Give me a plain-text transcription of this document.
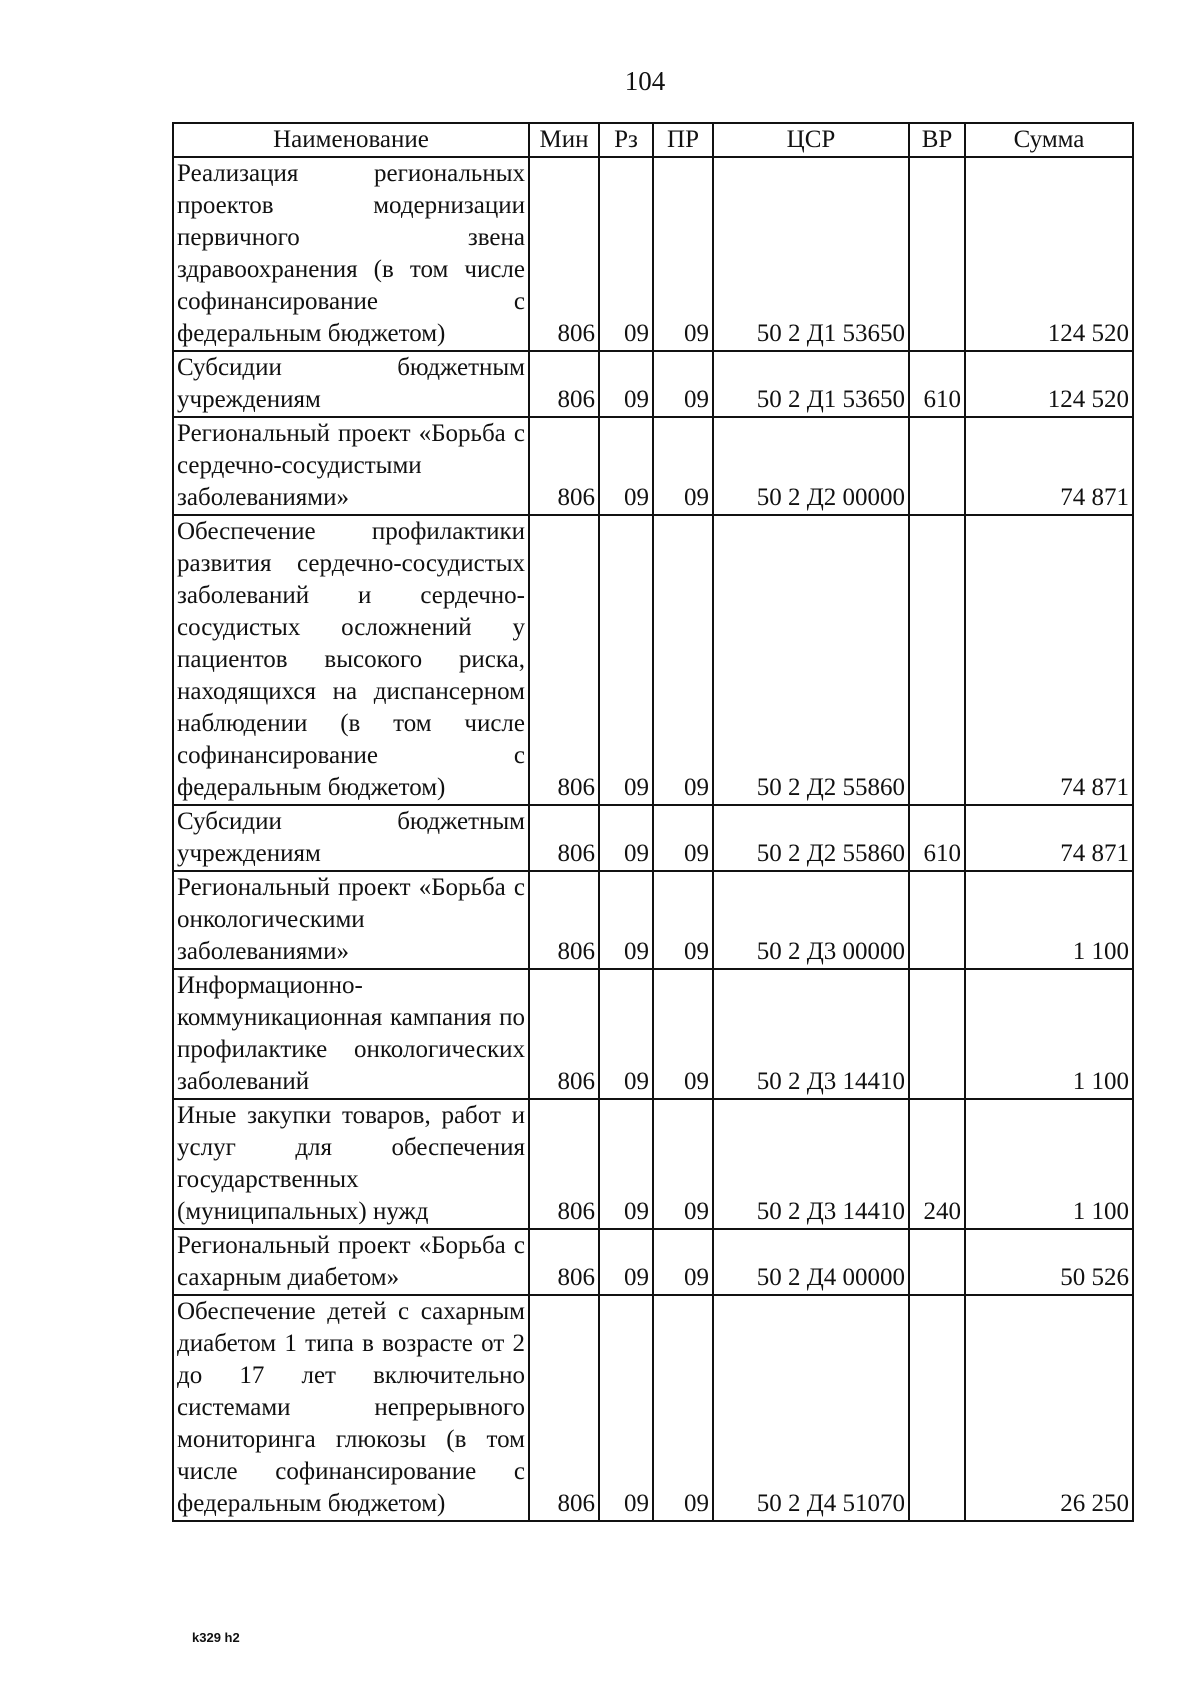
104
Наименование	Мин	Рз	ПР	ЦСР	ВР	Сумма
Реализация региональных проектов модернизации первичного звена здравоохранения (в том числе софинансирование с федеральным бюджетом)	806	09	09	50 2 Д1 53650		124 520
Субсидии бюджетным учреждениям	806	09	09	50 2 Д1 53650	610	124 520
Региональный проект «Борьба с сердечно-сосудистыми заболеваниями»	806	09	09	50 2 Д2 00000		74 871
Обеспечение профилактики развития сердечно-сосудистых заболеваний и сердечно-сосудистых осложнений у пациентов высокого риска, находящихся на диспансерном наблюдении (в том числе софинансирование с федеральным бюджетом)	806	09	09	50 2 Д2 55860		74 871
Субсидии бюджетным учреждениям	806	09	09	50 2 Д2 55860	610	74 871
Региональный проект «Борьба с онкологическими заболеваниями»	806	09	09	50 2 Д3 00000		1 100
Информационно-коммуникационная кампания по профилактике онкологических заболеваний	806	09	09	50 2 Д3 14410		1 100
Иные закупки товаров, работ и услуг для обеспечения государственных (муниципальных) нужд	806	09	09	50 2 Д3 14410	240	1 100
Региональный проект «Борьба с сахарным диабетом»	806	09	09	50 2 Д4 00000		50 526
Обеспечение детей с сахарным диабетом 1 типа в возрасте от 2 до 17 лет включительно системами непрерывного мониторинга глюкозы (в том числе софинансирование с федеральным бюджетом)	806	09	09	50 2 Д4 51070		26 250
k329 h2
